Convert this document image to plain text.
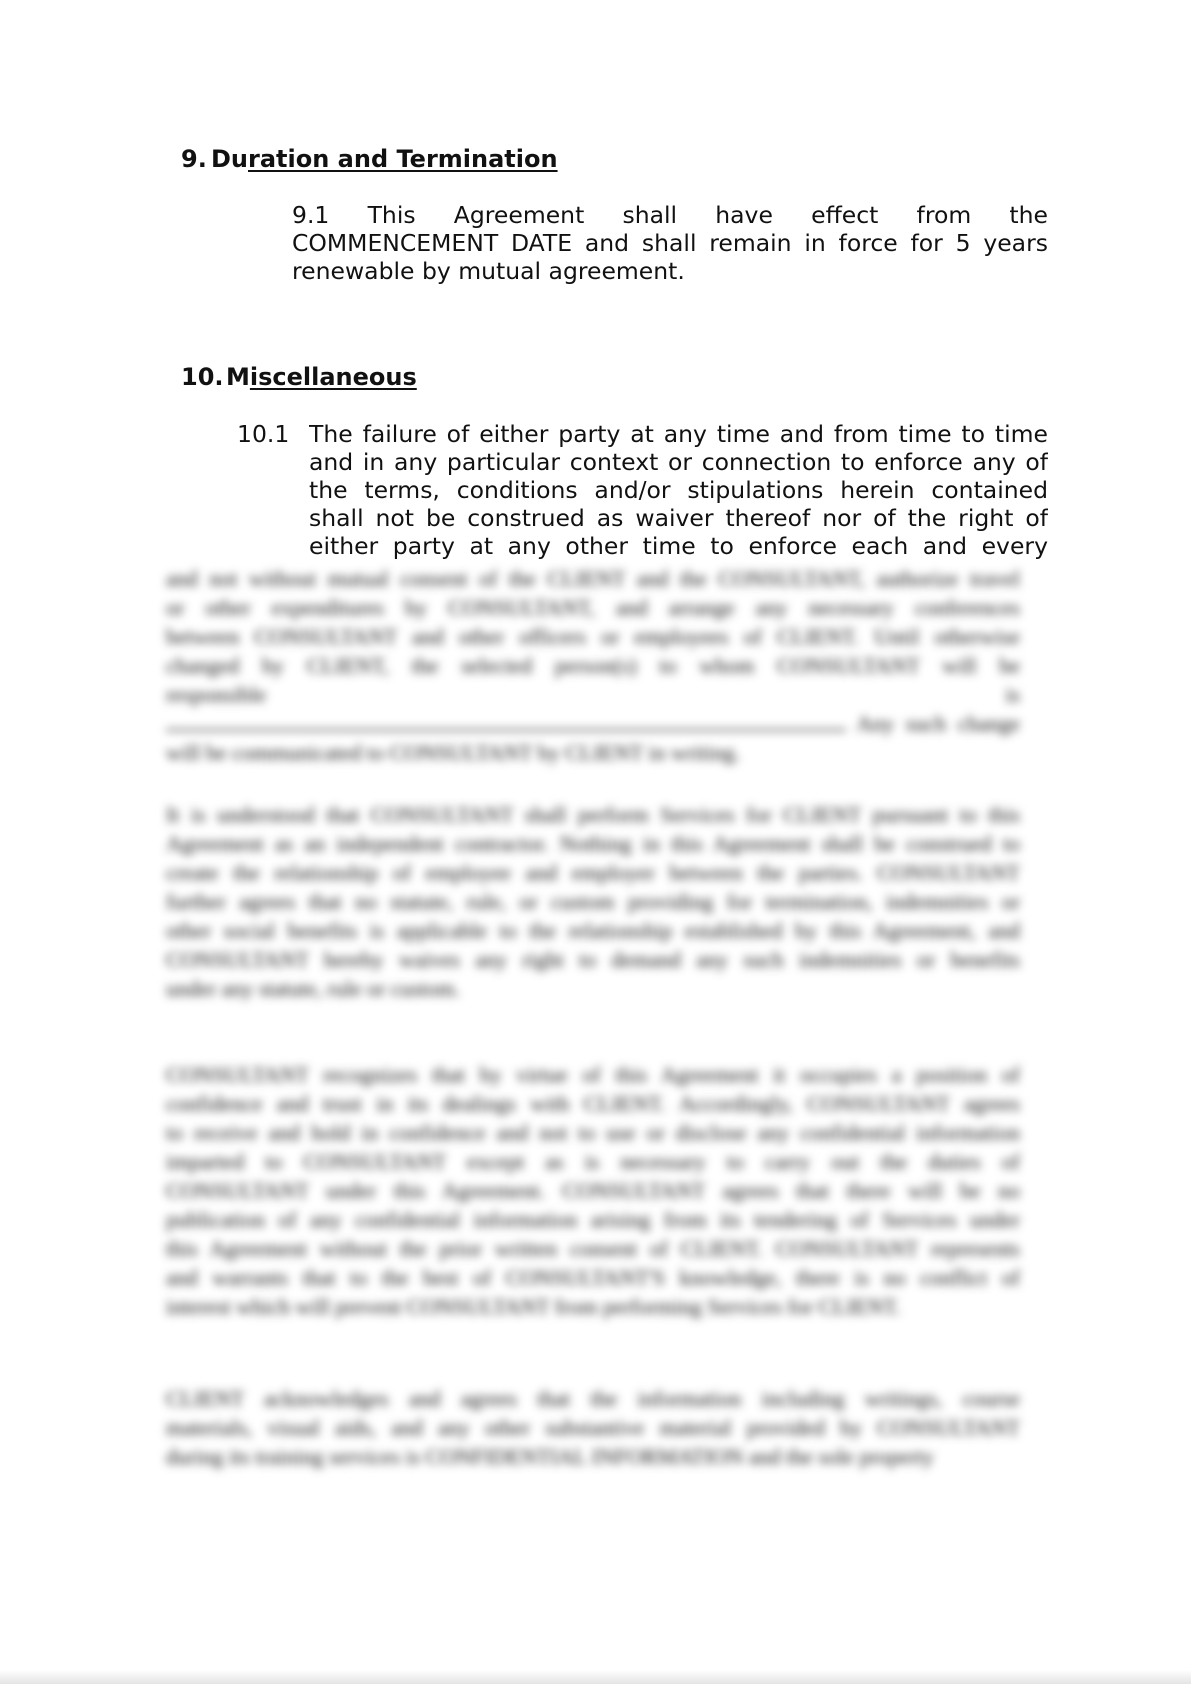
9. Duration and Termination
9.1 This Agreement shall have effect from the
COMMENCEMENT DATE and shall remain in force for 5 years
renewable by mutual agreement.
10. Miscellaneous
10.1 The failure of either party at any time and from time to time
and in any particular context or connection to enforce any of
the terms, conditions and/or stipulations herein contained
shall not be construed as waiver thereof nor of the right of
either party at any other time to enforce each and every
and not without mutual consent of the CLIENT and the CONSULTANT, authorize travel
or other expenditures by CONSULTANT, and arrange any necessary conferences
between CONSULTANT and other officers or employees of CLIENT. Until otherwise
changed by CLIENT, the selected person(s) to whom CONSULTANT will be
responsible is
Any such change
will be communicated to CONSULTANT by CLIENT in writing.
It is understood that CONSULTANT shall perform Services for CLIENT pursuant to this
Agreement as an independent contractor. Nothing in this Agreement shall be construed to
create the relationship of employee and employer between the parties. CONSULTANT
further agrees that no statute, rule, or custom providing for termination, indemnities or
other social benefits is applicable to the relationship established by this Agreement, and
CONSULTANT hereby waives any right to demand any such indemnities or benefits
under any statute, rule or custom.
CONSULTANT recognizes that by virtue of this Agreement it occupies a position of
confidence and trust in its dealings with CLIENT. Accordingly, CONSULTANT agrees
to receive and hold in confidence and not to use or disclose any confidential information
imparted to CONSULTANT except as is necessary to carry out the duties of
CONSULTANT under this Agreement. CONSULTANT agrees that there will be no
publication of any confidential information arising from its tendering of Services under
this Agreement without the prior written consent of CLIENT. CONSULTANT represents
and warrants that to the best of CONSULTANT'S knowledge, there is no conflict of
interest which will prevent CONSULTANT from performing Services for CLIENT.
CLIENT acknowledges and agrees that the information including writings, course
materials, visual aids, and any other substantive material provided by CONSULTANT
during its training services is CONFIDENTIAL INFORMATION and the sole property
